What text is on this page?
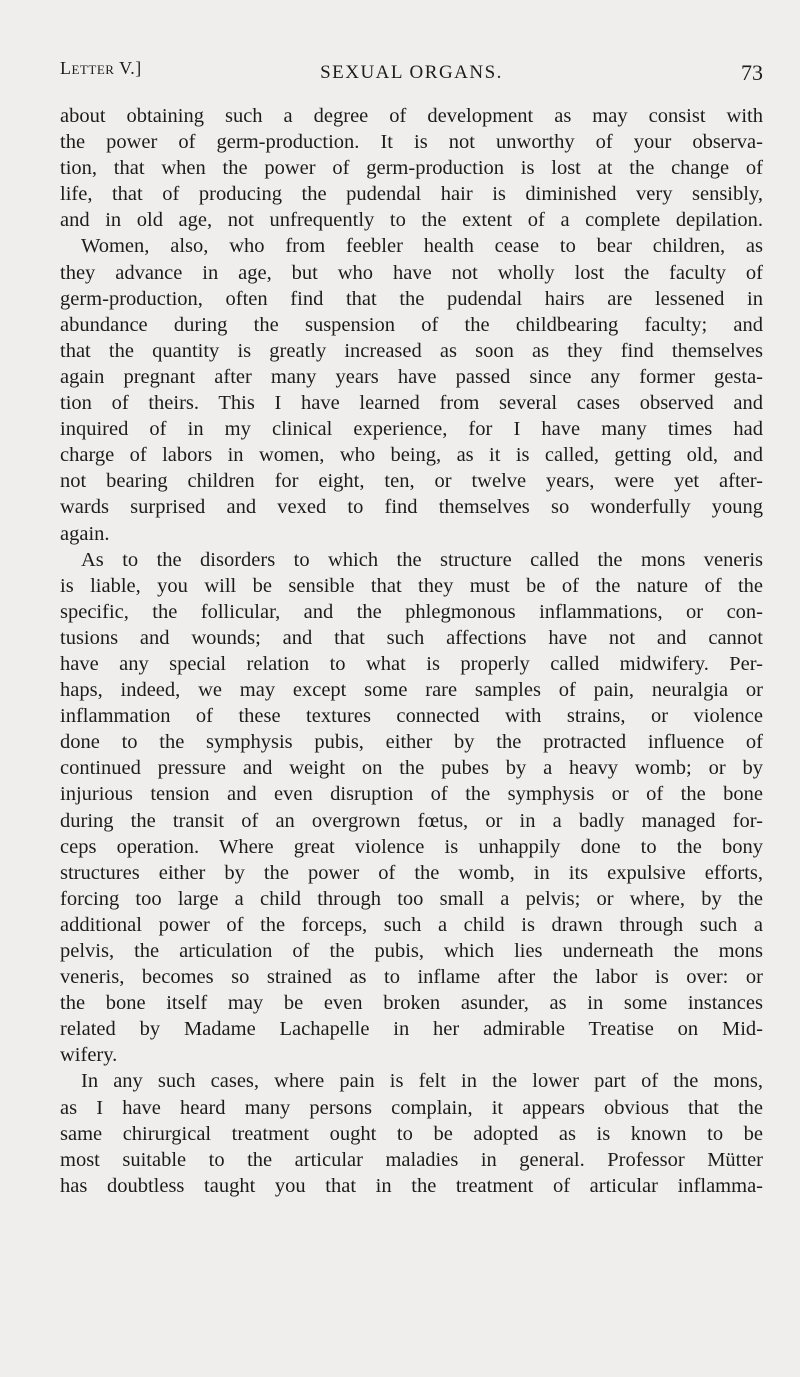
Letter V.]	SEXUAL ORGANS.	73
about obtaining such a degree of development as may consist with
the power of germ-production. It is not unworthy of your observa-
tion, that when the power of germ-production is lost at the change of
life, that of producing the pudendal hair is diminished very sensibly,
and in old age, not unfrequently to the extent of a complete depilation.
Women, also, who from feebler health cease to bear children, as
they advance in age, but who have not wholly lost the faculty of
germ-production, often find that the pudendal hairs are lessened in
abundance during the suspension of the childbearing faculty; and
that the quantity is greatly increased as soon as they find themselves
again pregnant after many years have passed since any former gesta-
tion of theirs. This I have learned from several cases observed and
inquired of in my clinical experience, for I have many times had
charge of labors in women, who being, as it is called, getting old, and
not bearing children for eight, ten, or twelve years, were yet after-
wards surprised and vexed to find themselves so wonderfully young
again.
As to the disorders to which the structure called the mons veneris
is liable, you will be sensible that they must be of the nature of the
specific, the follicular, and the phlegmonous inflammations, or con-
tusions and wounds; and that such affections have not and cannot
have any special relation to what is properly called midwifery. Per-
haps, indeed, we may except some rare samples of pain, neuralgia or
inflammation of these textures connected with strains, or violence
done to the symphysis pubis, either by the protracted influence of
continued pressure and weight on the pubes by a heavy womb; or by
injurious tension and even disruption of the symphysis or of the bone
during the transit of an overgrown fœtus, or in a badly managed for-
ceps operation. Where great violence is unhappily done to the bony
structures either by the power of the womb, in its expulsive efforts,
forcing too large a child through too small a pelvis; or where, by the
additional power of the forceps, such a child is drawn through such a
pelvis, the articulation of the pubis, which lies underneath the mons
veneris, becomes so strained as to inflame after the labor is over: or
the bone itself may be even broken asunder, as in some instances
related by Madame Lachapelle in her admirable Treatise on Mid-
wifery.
In any such cases, where pain is felt in the lower part of the mons,
as I have heard many persons complain, it appears obvious that the
same chirurgical treatment ought to be adopted as is known to be
most suitable to the articular maladies in general. Professor Mütter
has doubtless taught you that in the treatment of articular inflamma-
